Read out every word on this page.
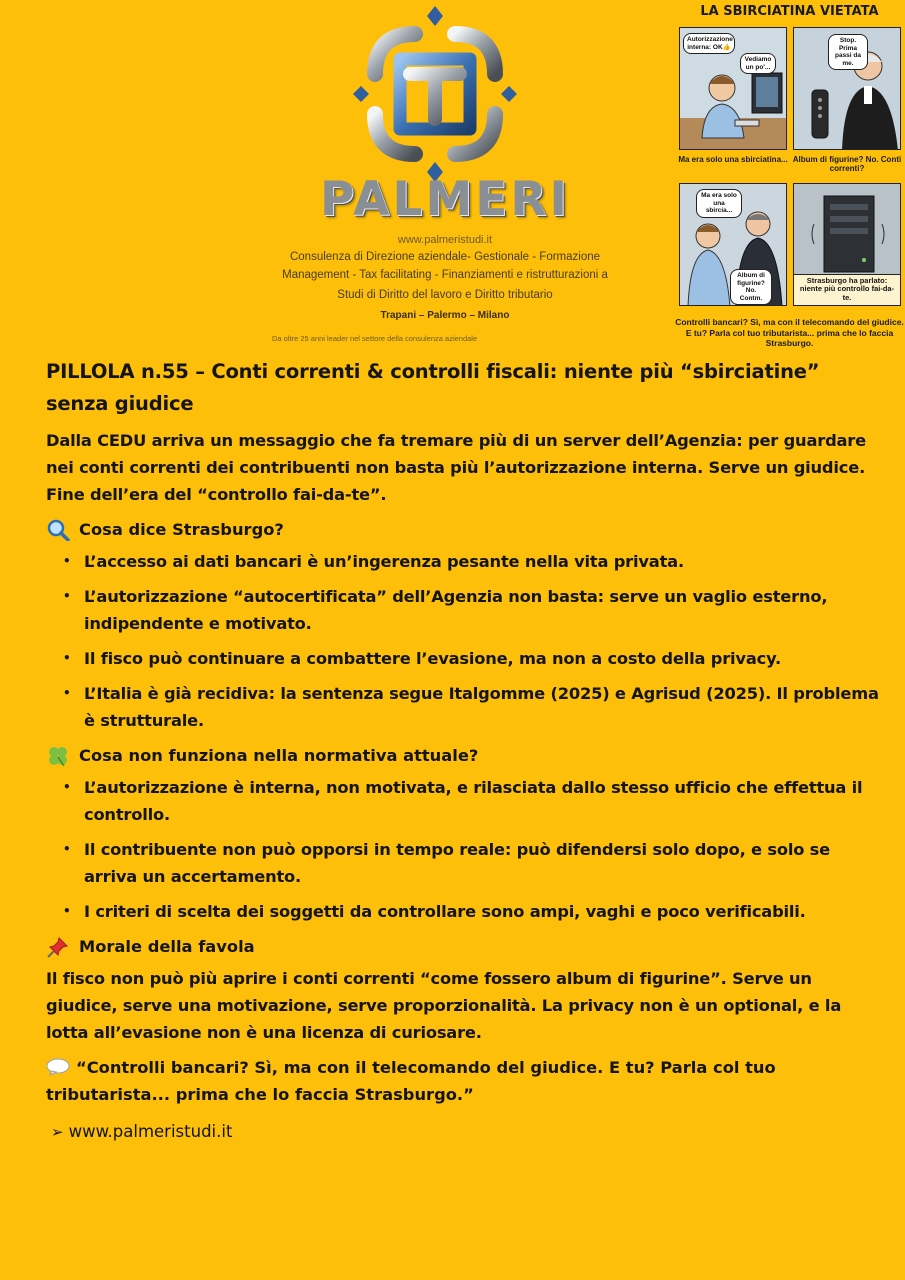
PALMERI
www.palmeristudi.it
Consulenza di Direzione aziendale- Gestionale - Formazione
Management - Tax facilitating - Finanziamenti e ristrutturazioni a
Studi di Diritto del lavoro e Diritto tributario
Trapani – Palermo – Milano
Da oltre 25 anni leader nel settore della consulenza aziendale
LA SBIRCIATINA VIETATA
Autorizzazione interna: OK👍
Vediamo un po'...
Ma era solo una sbirciatina...
Stop. Prima passi da me.
Album di figurine? No. Conti correnti?
Ma era solo una sbircia...
Album di figurine? No. Contm.
Strasburgo ha parlato: niente più controllo fai-da-te.
Controlli bancari? Sì, ma con il telecomando del giudice. E tu? Parla col tuo tributarista... prima che lo faccia Strasburgo.
PILLOLA n.55 – Conti correnti & controlli fiscali: niente più “sbirciatine” senza giudice

Dalla CEDU arriva un messaggio che fa tremare più di un server dell’Agenzia: per guardare nei conti correnti dei contribuenti non basta più l’autorizzazione interna. Serve un giudice. Fine dell’era del “controllo fai-da-te”.

Cosa dice Strasburgo?
• L’accesso ai dati bancari è un’ingerenza pesante nella vita privata.
• L’autorizzazione “autocertificata” dell’Agenzia non basta: serve un vaglio esterno, indipendente e motivato.
• Il fisco può continuare a combattere l’evasione, ma non a costo della privacy.
• L’Italia è già recidiva: la sentenza segue Italgomme (2025) e Agrisud (2025). Il problema è strutturale.
Cosa non funziona nella normativa attuale?
• L’autorizzazione è interna, non motivata, e rilasciata dallo stesso ufficio che effettua il controllo.
• Il contribuente non può opporsi in tempo reale: può difendersi solo dopo, e solo se arriva un accertamento.
• I criteri di scelta dei soggetti da controllare sono ampi, vaghi e poco verificabili.
Morale della favola

Il fisco non può più aprire i conti correnti “come fossero album di figurine”. Serve un giudice, serve una motivazione, serve proporzionalità. La privacy non è un optional, e la lotta all’evasione non è una licenza di curiosare.

“Controlli bancari? Sì, ma con il telecomando del giudice. E tu? Parla col tuo tributarista... prima che lo faccia Strasburgo.”

➢ www.palmeristudi.it
